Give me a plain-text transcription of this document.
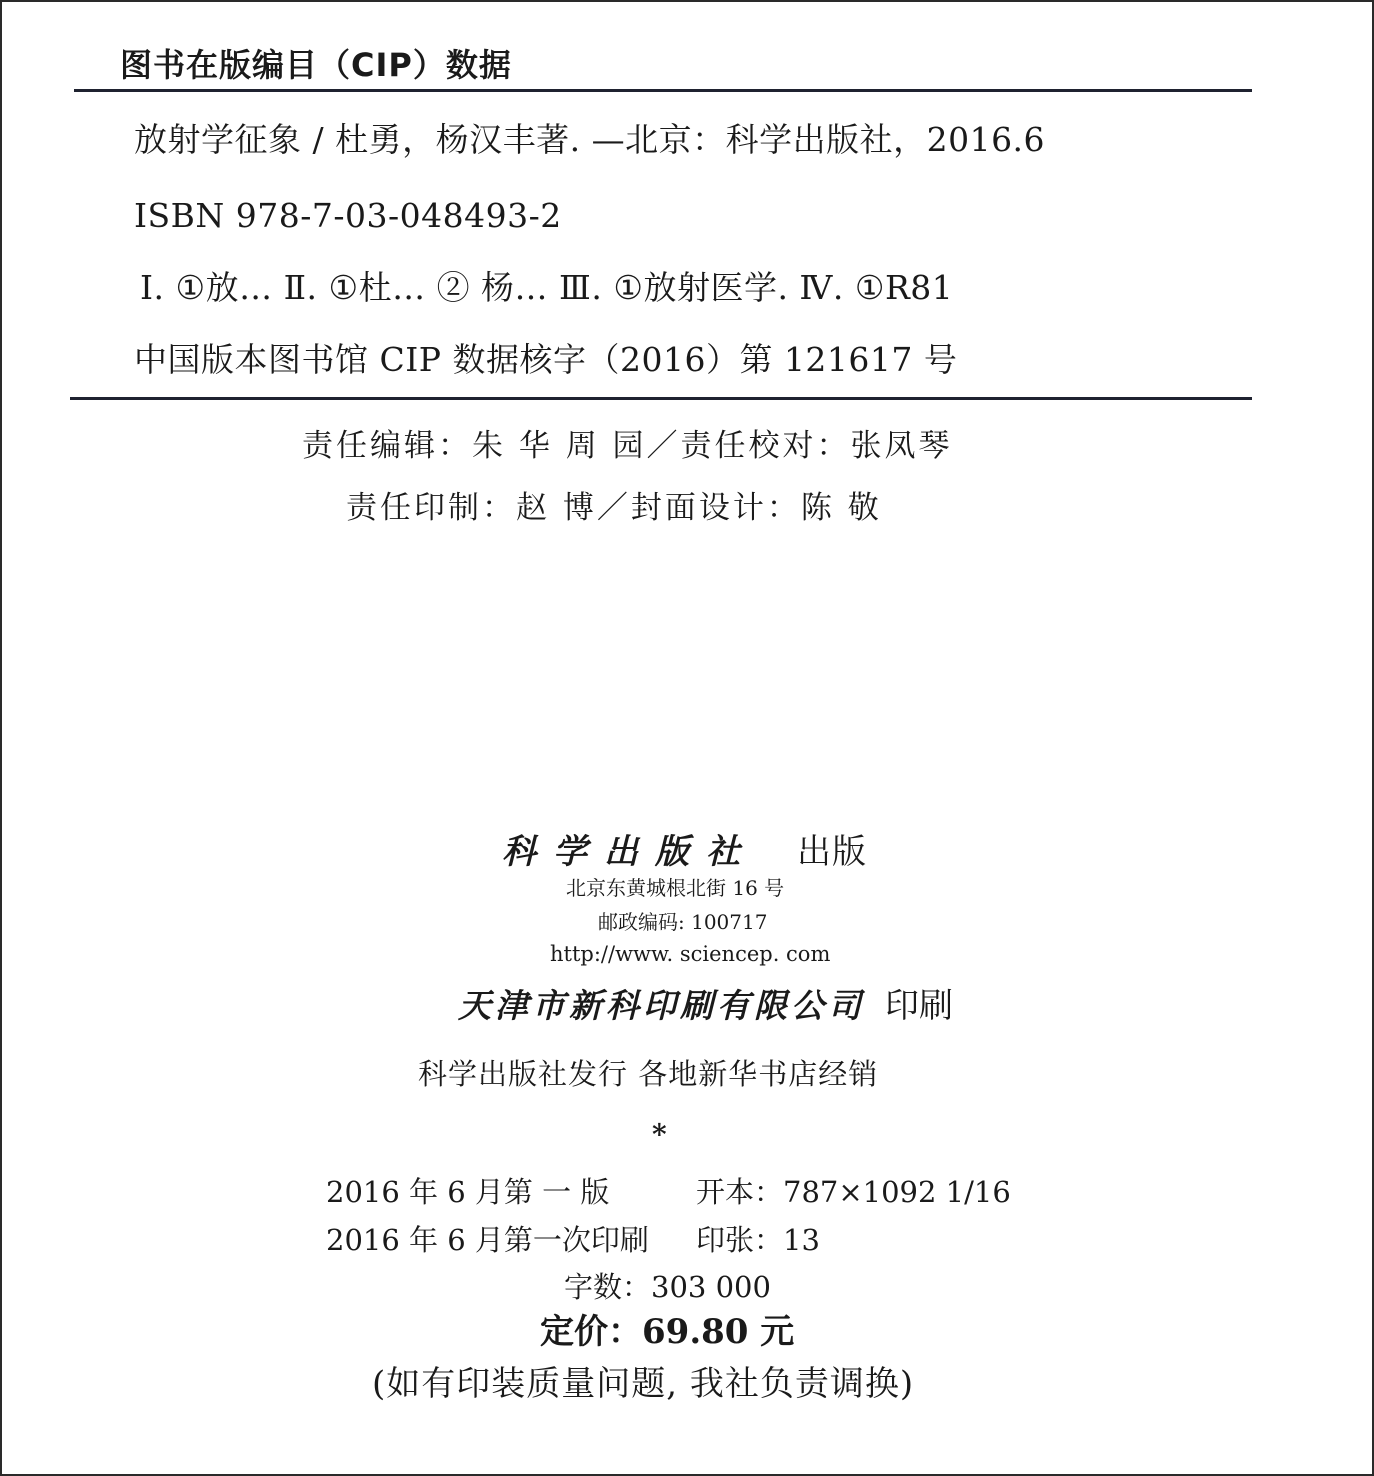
图书在版编目（CIP）数据
放射学征象 / 杜勇，杨汉丰著. —北京：科学出版社，2016.6
ISBN 978-7-03-048493-2
Ⅰ. ①放… Ⅱ. ①杜… ② 杨… Ⅲ. ①放射医学. Ⅳ. ①R81
中国版本图书馆 CIP 数据核字（2016）第 121617 号
责任编辑：朱 华 周 园／责任校对：张凤琴
责任印制：赵 博／封面设计：陈 敬
科学出版社 出版
北京东黄城根北街 16 号
邮政编码: 100717
http://www. sciencep. com
天津市新科印刷有限公司 印刷
科学出版社发行 各地新华书店经销
*
2016 年 6 月第 一 版	开本：787×1092 1/16
2016 年 6 月第一次印刷 印张：13
字数：303 000
定价：69.80 元
(如有印装质量问题, 我社负责调换)
